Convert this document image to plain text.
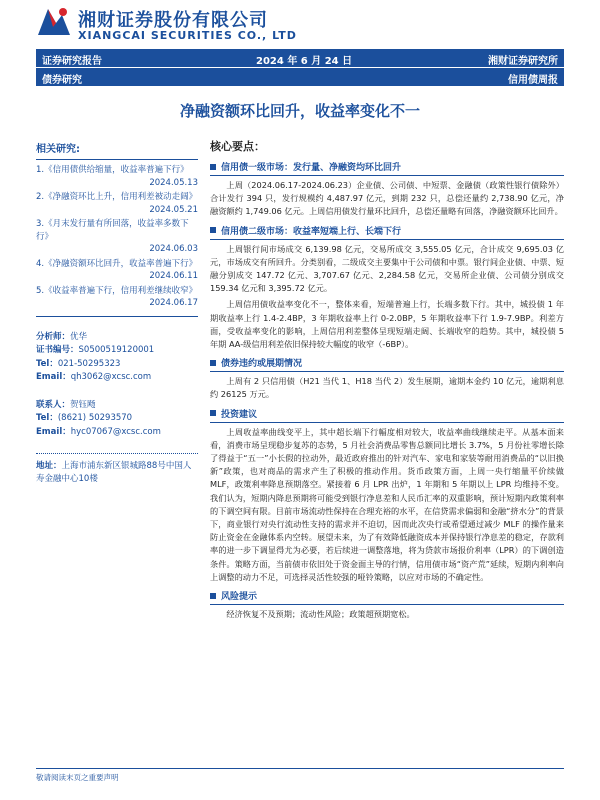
湘财证券股份有限公司
XIANGCAI SECURITIES CO., LTD
证券研究报告	2024 年 6 月 24 日	湘财证券研究所
债券研究	信用债周报
净融资额环比回升，收益率变化不一
相关研究:
1.《信用债供给缩量，收益率普遍下行》
2024.05.13
2.《净融资环比上升，信用利差被动走阔》
2024.05.21
3.《月末发行量有所回落，收益率多数下行》
2024.06.03
4.《净融资额环比回升，收益率普遍下行》
2024.06.11
5.《收益率普遍下行，信用利差继续收窄》
2024.06.17
分析师：优华
证书编号：S0500519120001
Tel：021-50295323
Email：qh3062@xcsc.com
联系人：贺钰飏
Tel：(8621) 50293570
Email：hyc07067@xcsc.com
地址：上海市浦东新区银城路88号中国人寿金融中心10楼
核心要点：
信用债一级市场：发行量、净融资均环比回升

上周（2024.06.17-2024.06.23）企业债、公司债、中短票、金融债（政策性银行债除外）合计发行 394 只，发行规模约 4,487.97 亿元，到期 232 只，总偿还量约 2,738.90 亿元，净融资额约 1,749.06 亿元。上周信用债发行量环比回升，总偿还量略有回落，净融资额环比回升。

信用债二级市场：收益率短端上行、长端下行

上周银行间市场成交 6,139.98 亿元，交易所成交 3,555.05 亿元，合计成交 9,695.03 亿元，市场成交有所回升。分类别看，二级成交主要集中于公司债和中票。银行间企业债、中票、短融分别成交 147.72 亿元、3,707.67 亿元、2,284.58 亿元，交易所企业债、公司债分别成交 159.34 亿元和 3,395.72 亿元。

上周信用债收益率变化不一，整体来看，短端普遍上行，长端多数下行。其中，城投债 1 年期收益率上行 1.4-2.4BP，3 年期收益率上行 0-2.0BP，5 年期收益率下行 1.9-7.9BP。利差方面，受收益率变化的影响，上周信用利差整体呈现短端走阔、长端收窄的趋势。其中，城投债 5 年期 AA-级信用利差依旧保持较大幅度的收窄（-6BP）。

债券违约或展期情况

上周有 2 只信用债（H21 当代 1、H18 当代 2）发生展期，逾期本金约 10 亿元，逾期利息约 26125 万元。

投资建议

上周收益率曲线变平上，其中超长端下行幅度相对较大，收益率曲线继续走平。从基本面来看，消费市场呈现稳步复苏的态势，5 月社会消费品零售总额同比增长 3.7%，5 月份社零增长除了得益于“五一”小长假的拉动外，最近政府推出的针对汽车、家电和家装等耐用消费品的“以旧换新”政策，也对商品的需求产生了积极的推动作用。货币政策方面，上周一央行缩量平价续做 MLF，政策利率降息预期落空。紧接着 6 月 LPR 出炉，1 年期和 5 年期以上 LPR 均维持不变。我们认为，短期内降息预期将可能受到银行净息差和人民币汇率的双重影响，预计短期内政策利率的下调空间有限。目前市场流动性保持在合理充裕的水平，在信贷需求偏弱和金融“挤水分”的背景下，商业银行对央行流动性支持的需求并不迫切，因而此次央行或希望通过减少 MLF 的操作量来防止资金在金融体系内空转。展望未来，为了有效降低融资成本并保持银行净息差的稳定，存款利率的进一步下调显得尤为必要，若后续进一调整落地，将为贷款市场报价利率（LPR）的下调创造条件。策略方面，当前债市依旧处于资金面主导的行情，信用债市场“资产荒”延续，短期内利率向上调整的动力不足，可选择灵活性较强的哑铃策略，以应对市场的不确定性。

风险提示

经济恢复不及预期；流动性风险；政策超预期宽松。

敬请阅读末页之重要声明
